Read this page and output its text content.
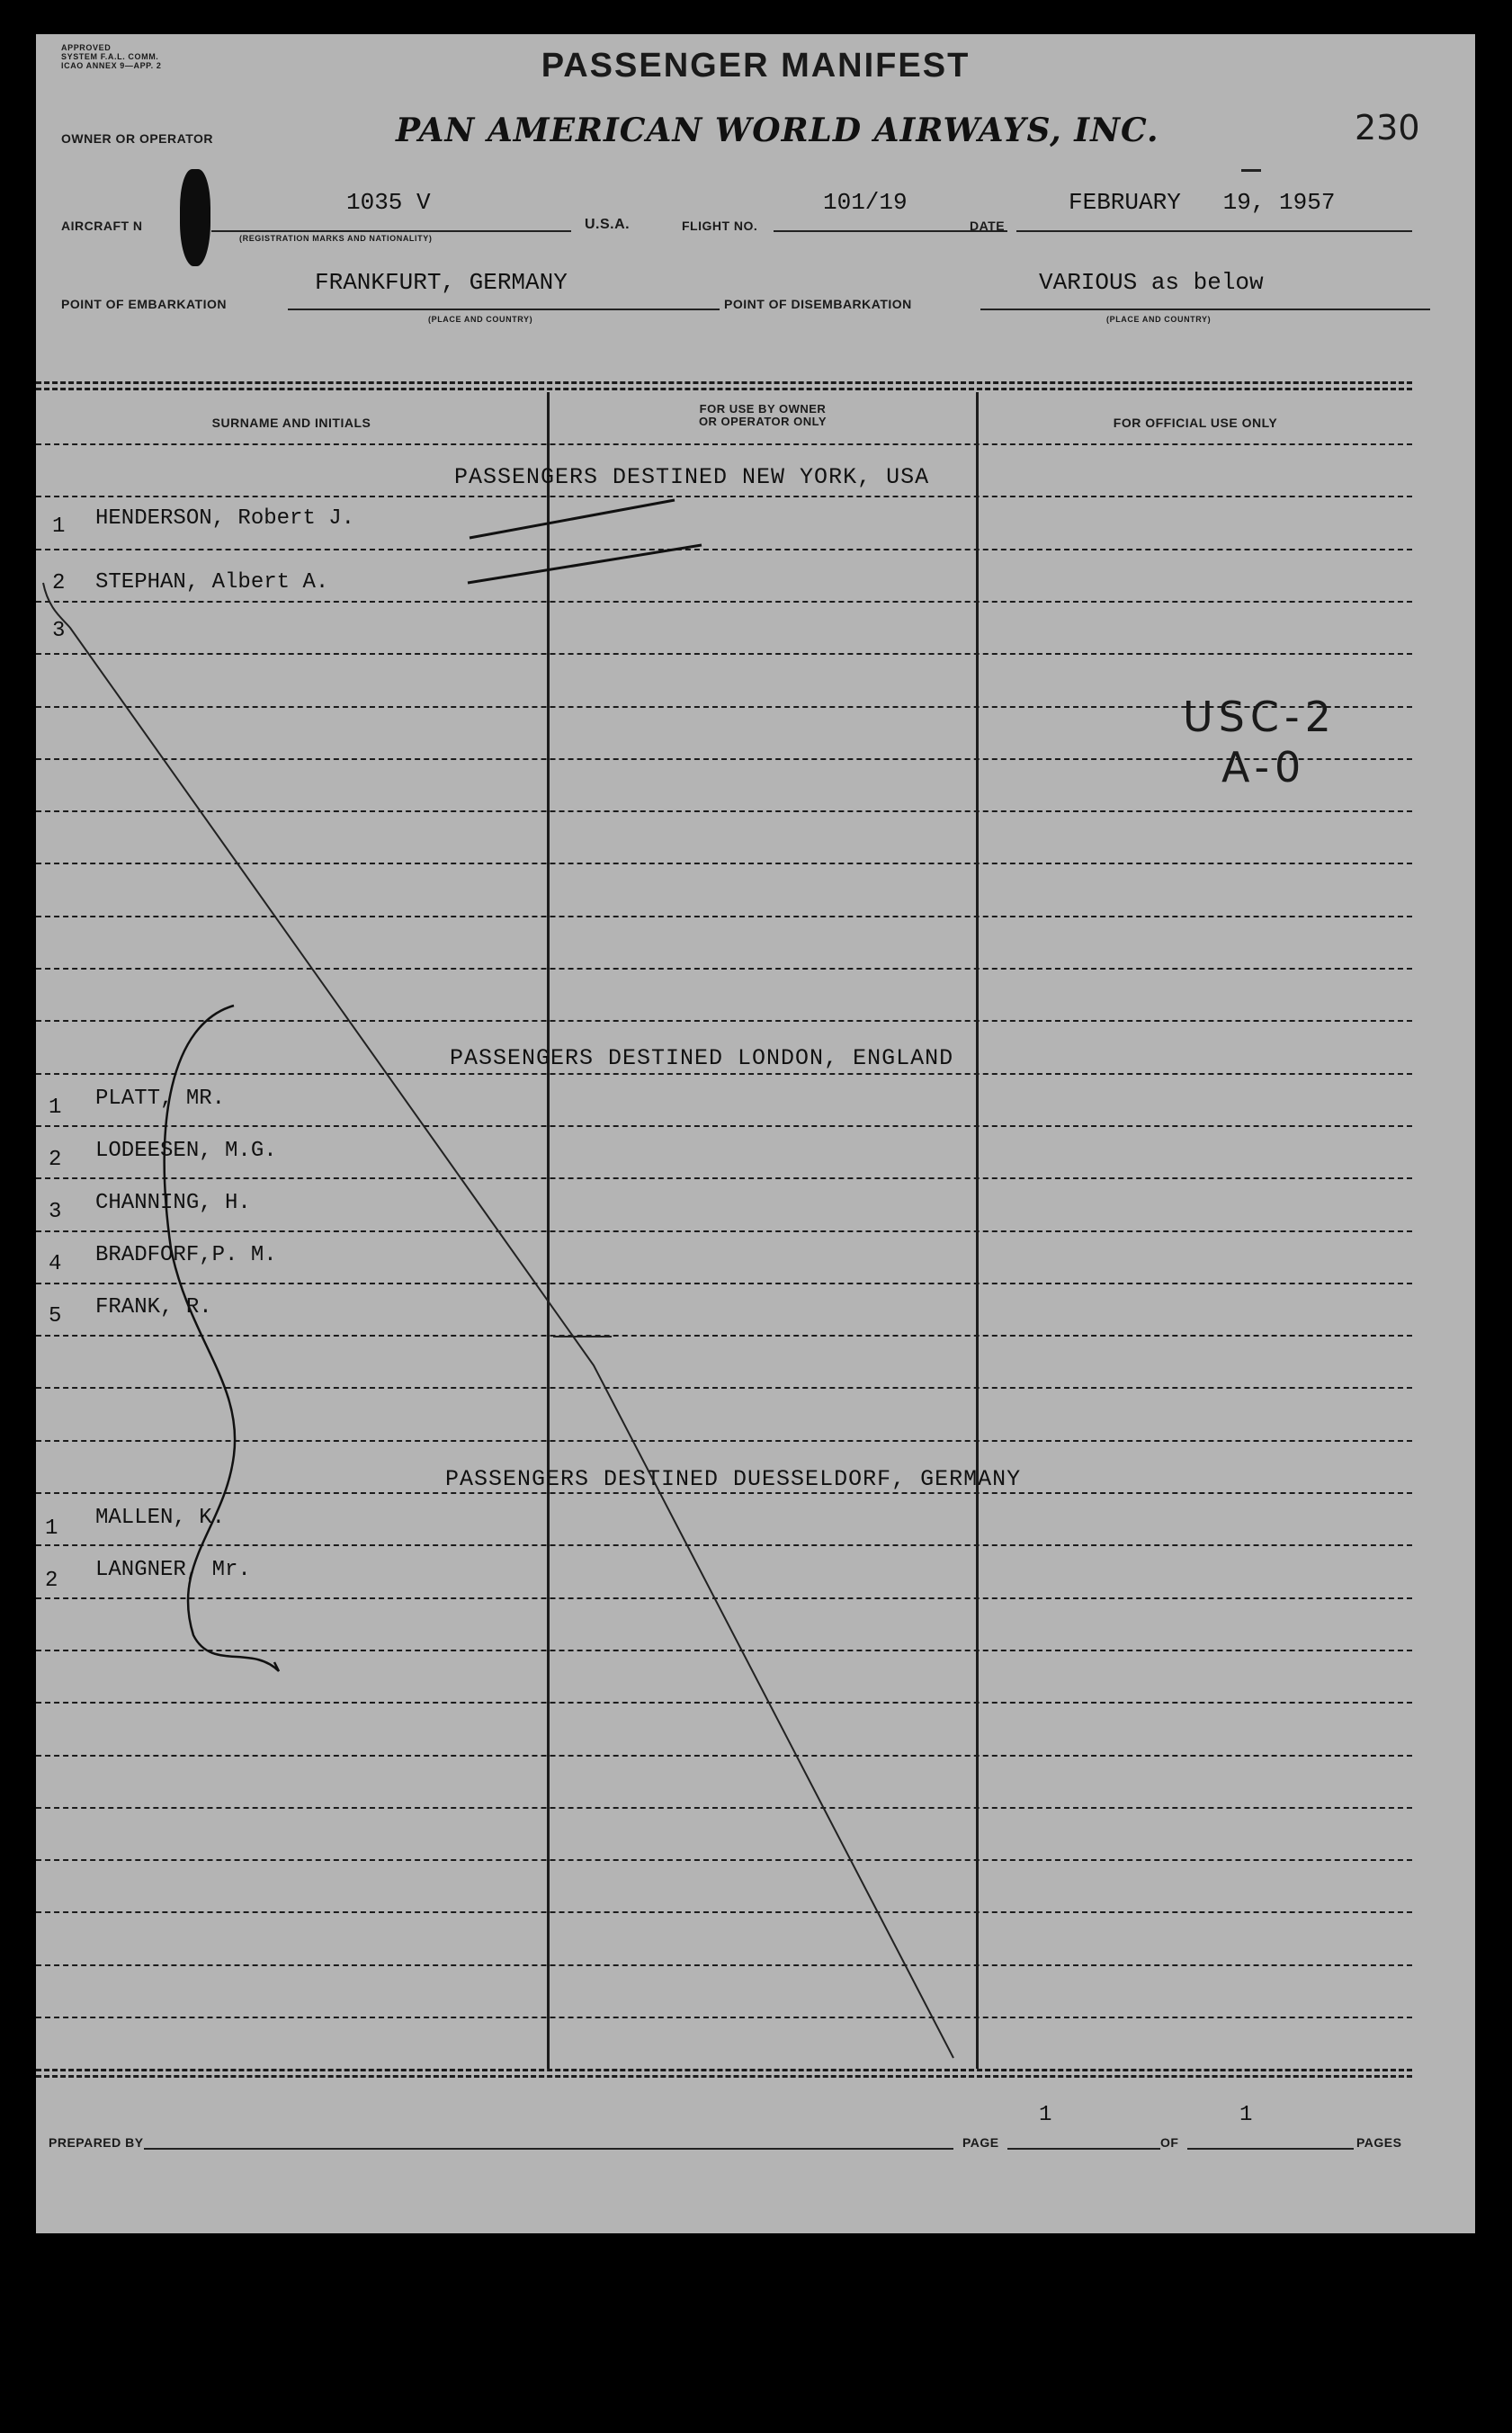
APPROVED
SYSTEM F.A.L. COMM.
ICAO ANNEX 9—APP. 2	PASSENGER MANIFEST
OWNER OR OPERATOR	PAN AMERICAN WORLD AIRWAYS, INC.	230
AIRCRAFT N
1035 V
(REGISTRATION MARKS AND NATIONALITY)
U.S.A.	FLIGHT NO.
101/19
DATE
FEBRUARY   19, 1957
POINT OF EMBARKATION
FRANKFURT, GERMANY
(PLACE AND COUNTRY)
POINT OF DISEMBARKATION
VARIOUS as below
(PLACE AND COUNTRY)
SURNAME AND INITIALS
FOR USE BY OWNER
OR OPERATOR ONLY	FOR OFFICIAL USE ONLY
PASSENGERS DESTINED NEW YORK, USA
1 HENDERSON, Robert J.
2 STEPHAN, Albert A.
3
PASSENGERS DESTINED LONDON, ENGLAND
1 PLATT, MR.
2 LODEESEN, M.G.
3 CHANNING, H.
4 BRADFORF,P. M.
5 FRANK, R.
PASSENGERS DESTINED DUESSELDORF, GERMANY
1 MALLEN, K.
2 LANGNER, Mr.
USC-2
A-0
PREPARED BY	PAGE
1
OF
1
PAGES
